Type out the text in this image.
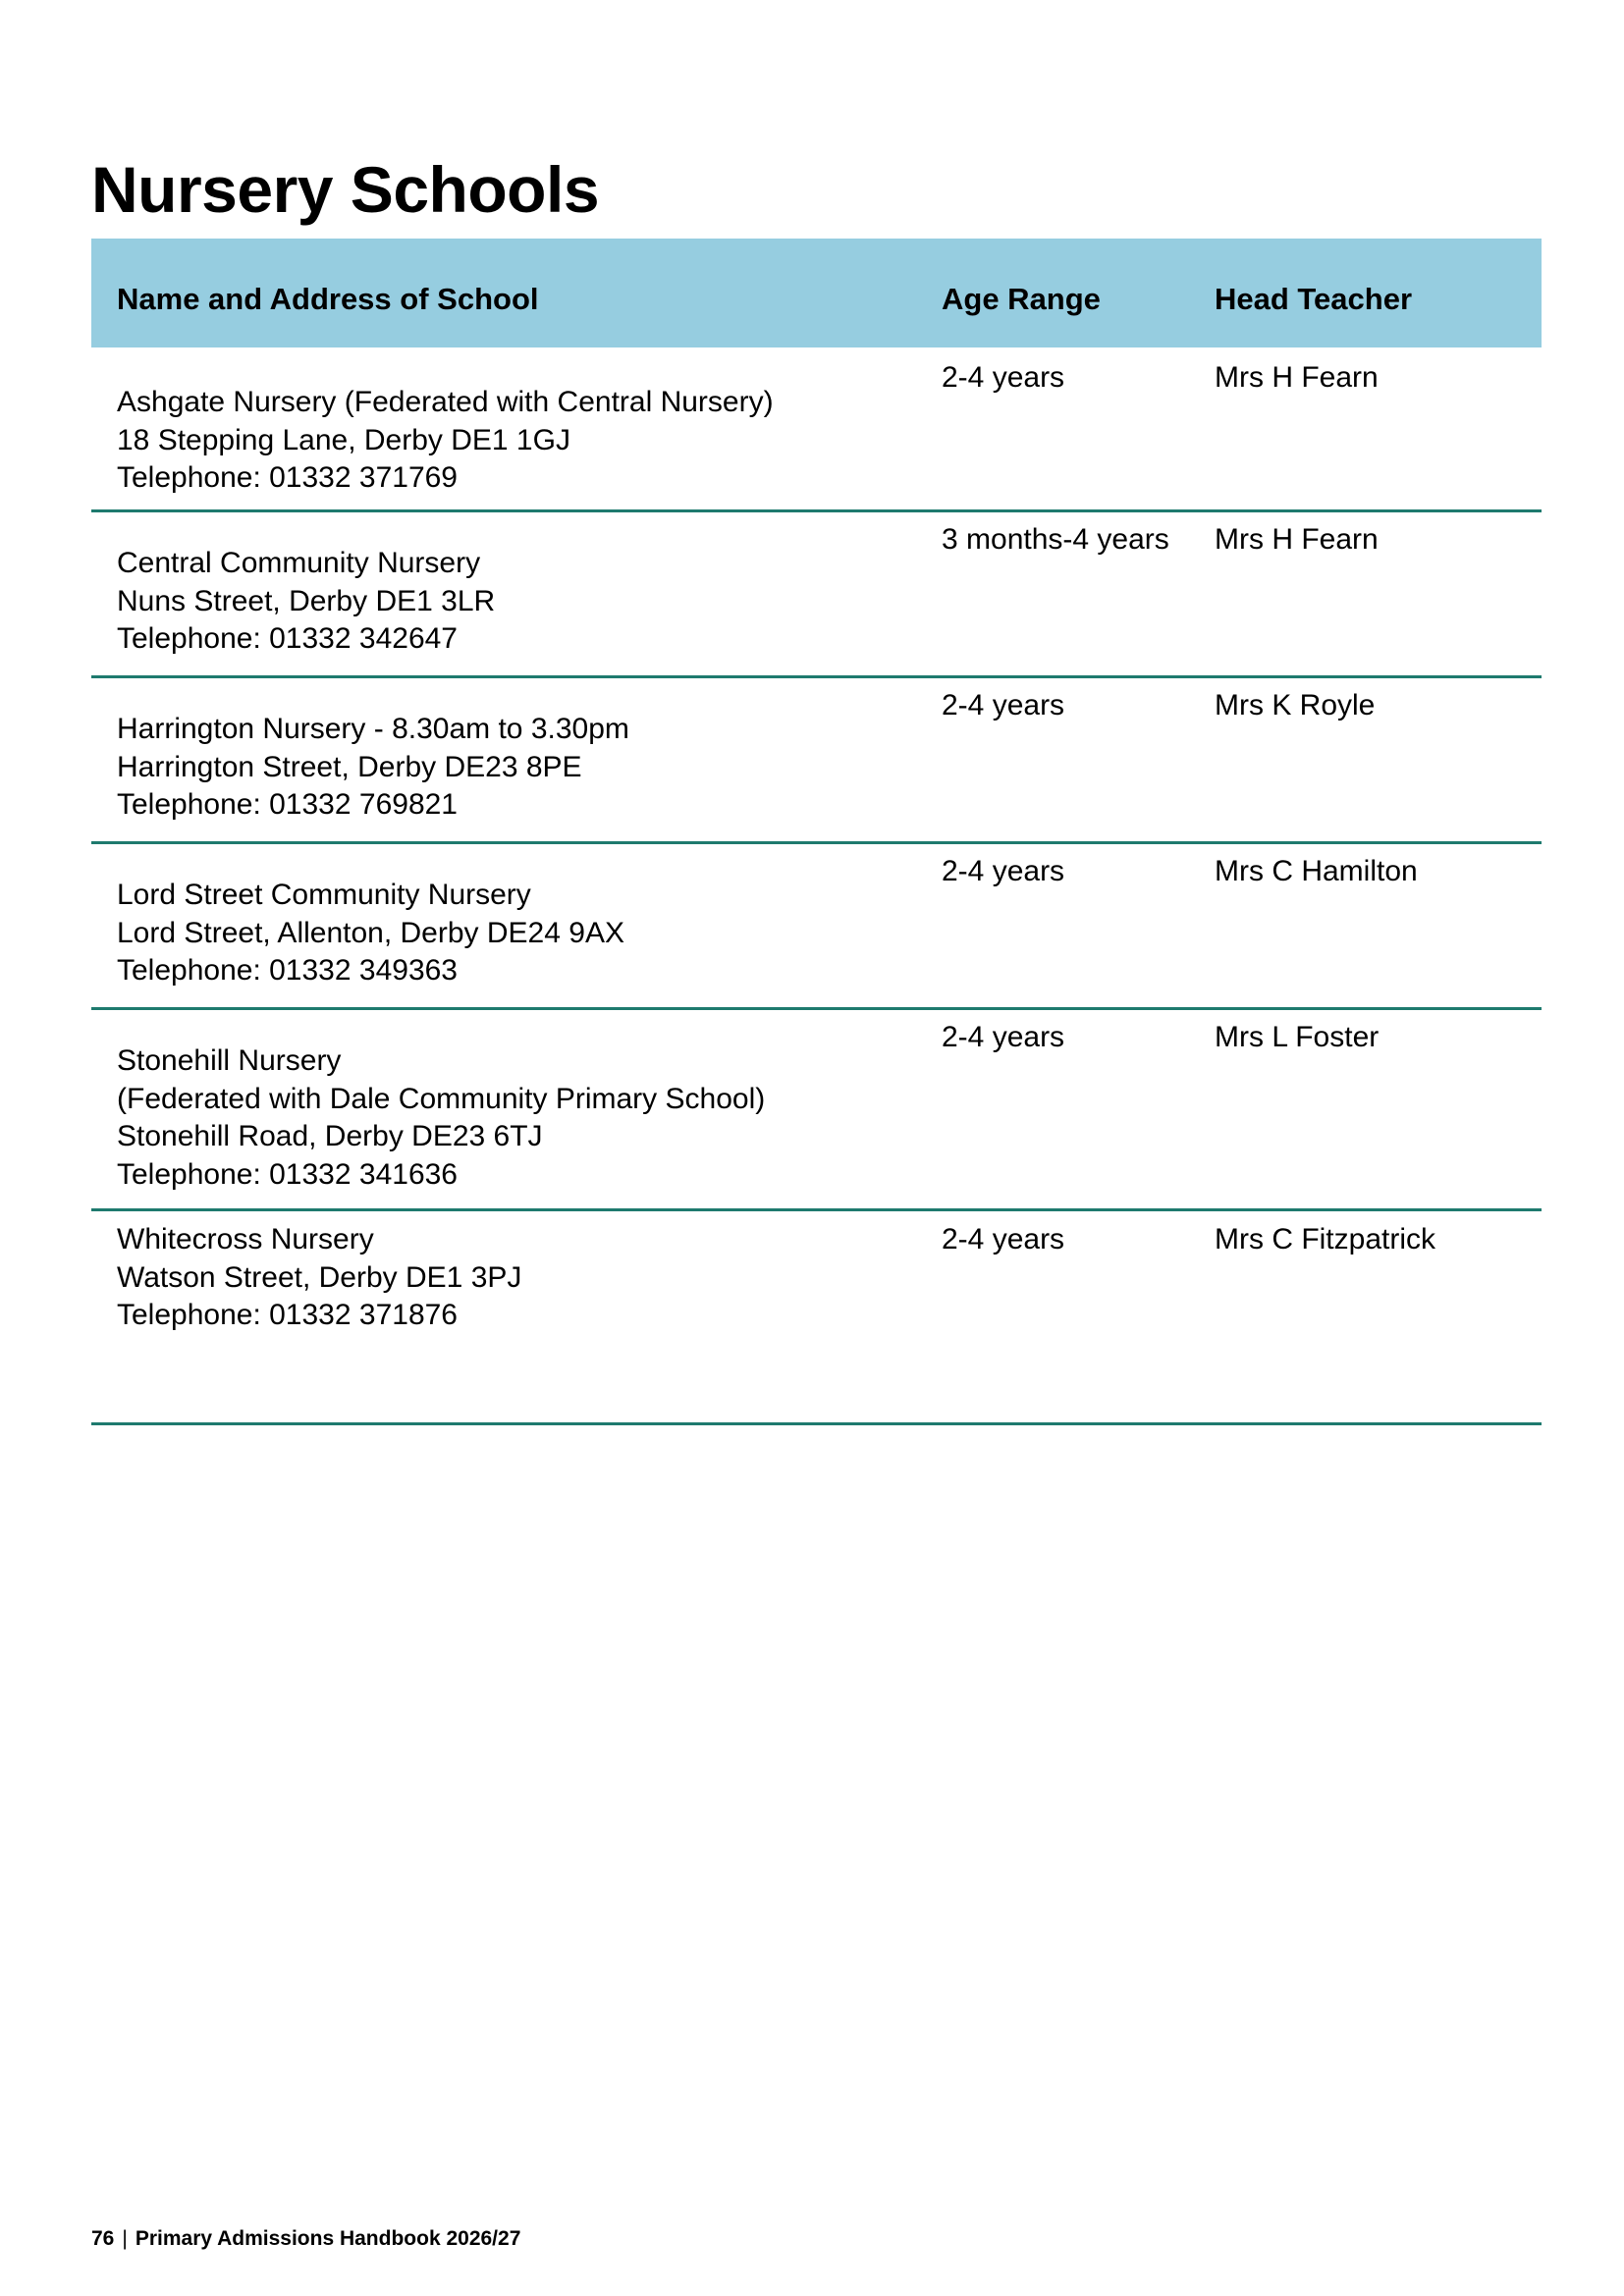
Nursery Schools
Name and Address of School	Age Range	Head Teacher
Ashgate Nursery (Federated with Central Nursery)
18 Stepping Lane, Derby DE1 1GJ
Telephone: 01332 371769
2-4 years	Mrs H Fearn
Central Community Nursery
Nuns Street, Derby DE1 3LR
Telephone: 01332 342647
3 months-4 years Mrs H Fearn
Harrington Nursery - 8.30am to 3.30pm
Harrington Street, Derby DE23 8PE
Telephone: 01332 769821
2-4 years	Mrs K Royle
Lord Street Community Nursery
Lord Street, Allenton, Derby DE24 9AX
Telephone: 01332 349363
2-4 years	Mrs C Hamilton
Stonehill Nursery
(Federated with Dale Community Primary School)
Stonehill Road, Derby DE23 6TJ
Telephone: 01332 341636
2-4 years	Mrs L Foster
Whitecross Nursery
Watson Street, Derby DE1 3PJ
Telephone: 01332 371876
2-4 years	Mrs C Fitzpatrick
76 | Primary Admissions Handbook 2026/27
